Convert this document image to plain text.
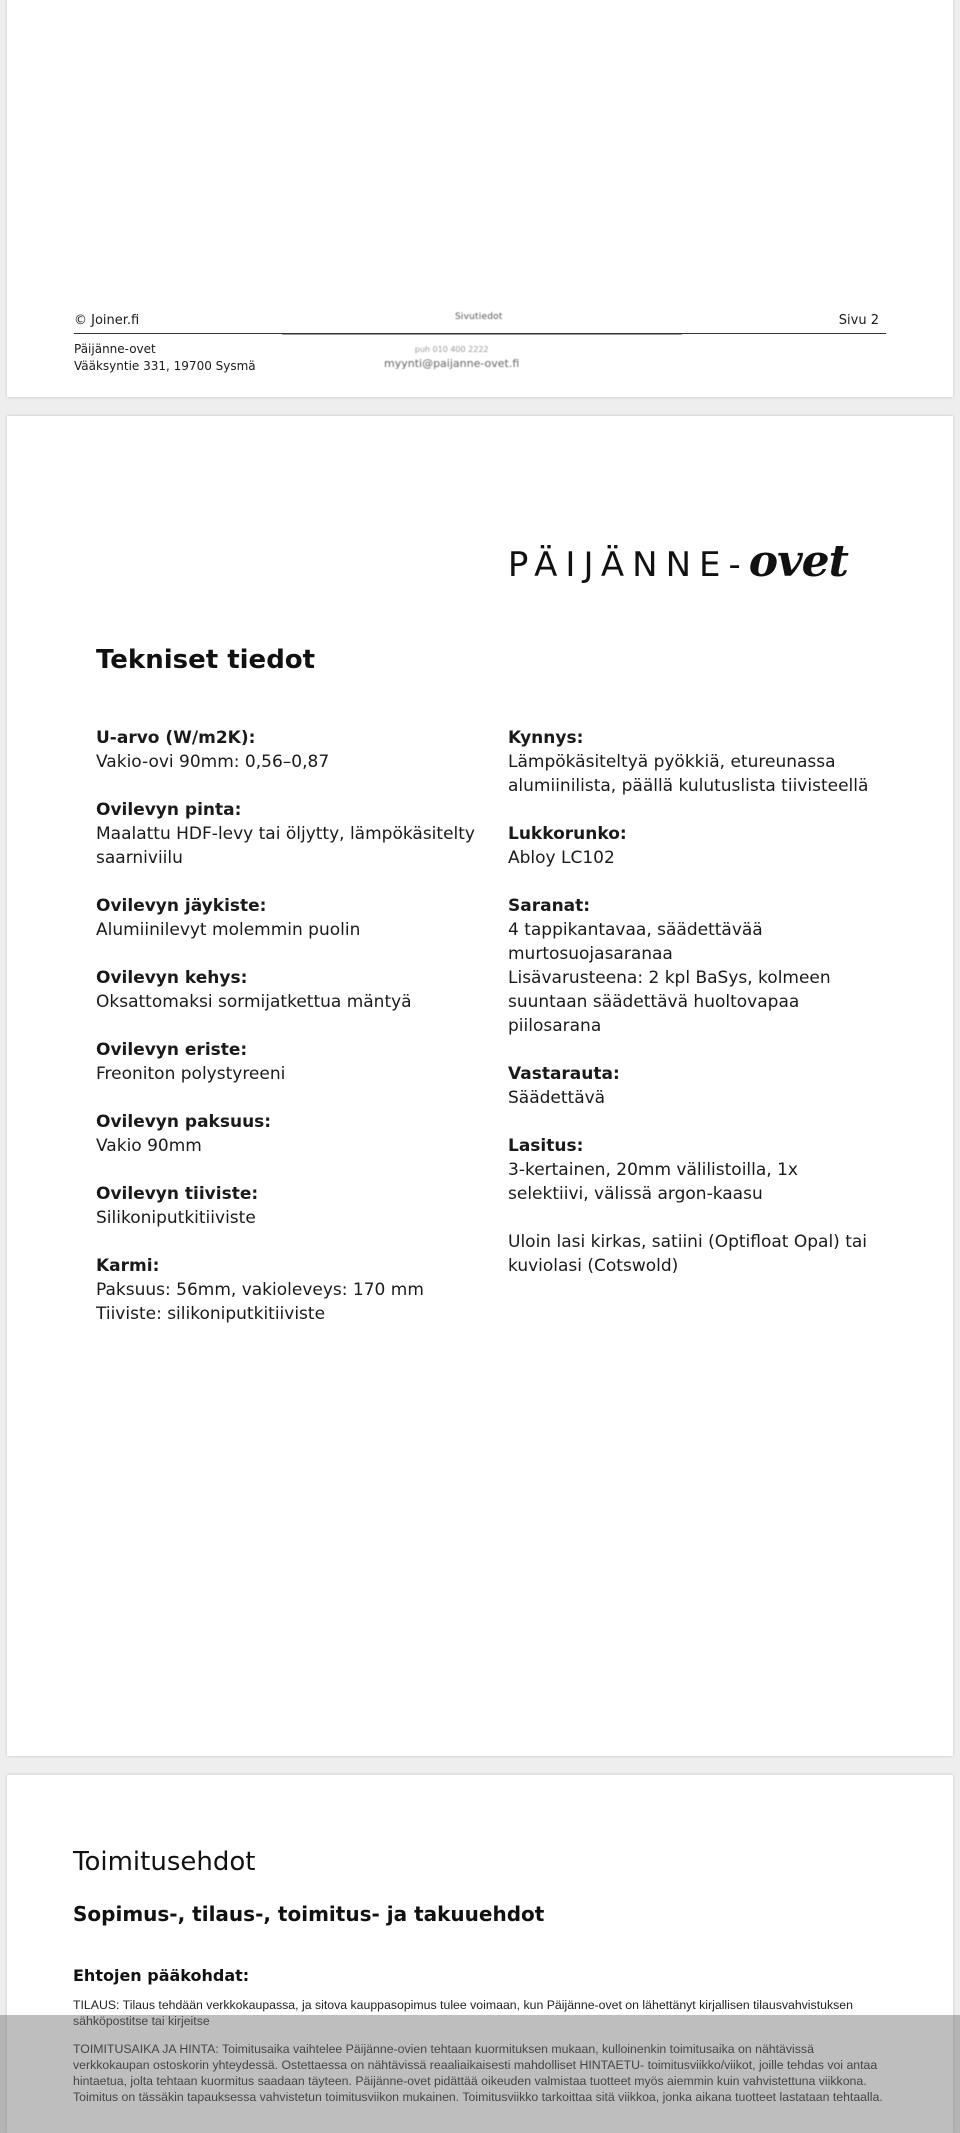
© Joiner.fi	Sivutiedot	Sivu 2
Päijänne-ovet
Vääksyntie 331, 19700 Sysmä
puh 010 400 2222
myynti@paijanne-ovet.fi
PÄIJÄNNE-ovet
Tekniset tiedot
U-arvo (W/m2K):
Vakio-ovi 90mm: 0,56–0,87
Ovilevyn pinta:
Maalattu HDF-levy tai öljytty, lämpökäsitelty saarniviilu
Ovilevyn jäykiste:
Alumiinilevyt molemmin puolin
Ovilevyn kehys:
Oksattomaksi sormijatkettua mäntyä
Ovilevyn eriste:
Freoniton polystyreeni
Ovilevyn paksuus:
Vakio 90mm
Ovilevyn tiiviste:
Silikoniputkitiiviste
Karmi:
Paksuus: 56mm, vakioleveys: 170 mm
Tiiviste: silikoniputkitiiviste
Kynnys:
Lämpökäsiteltyä pyökkiä, etureunassa alumiinilista, päällä kulutuslista tiivisteellä
Lukkorunko:
Abloy LC102
Saranat:
4 tappikantavaa, säädettävää murtosuojasaranaa
Lisävarusteena: 2 kpl BaSys, kolmeen suuntaan säädettävä huoltovapaa piilosarana
Vastarauta:
Säädettävä
Lasitus:
3-kertainen, 20mm välilistoilla, 1x selektiivi, välissä argon-kaasu
Uloin lasi kirkas, satiini (Optifloat Opal) tai kuviolasi (Cotswold)
Toimitusehdot
Sopimus-, tilaus-, toimitus- ja takuuehdot
Ehtojen pääkohdat:
TILAUS: Tilaus tehdään verkkokaupassa, ja sitova kauppasopimus tulee voimaan, kun Päijänne-ovet on lähettänyt kirjallisen tilausvahvistuksen sähköpostitse tai kirjeitse
TOIMITUSAIKA JA HINTA: Toimitusaika vaihtelee Päijänne-ovien tehtaan kuormituksen mukaan, kulloinenkin toimitusaika on nähtävissä verkkokaupan ostoskorin yhteydessä. Ostettaessa on nähtävissä reaaliaikaisesti mahdolliset HINTAETU- toimitusviikko/viikot, joille tehdas voi antaa hintaetua, jolta tehtaan kuormitus saadaan täyteen. Päijänne-ovet pidättää oikeuden valmistaa tuotteet myös aiemmin kuin vahvistettuna viikkona. Toimitus on tässäkin tapauksessa vahvistetun toimitusviikon mukainen. Toimitusviikko tarkoittaa sitä viikkoa, jonka aikana tuotteet lastataan tehtaalla.
